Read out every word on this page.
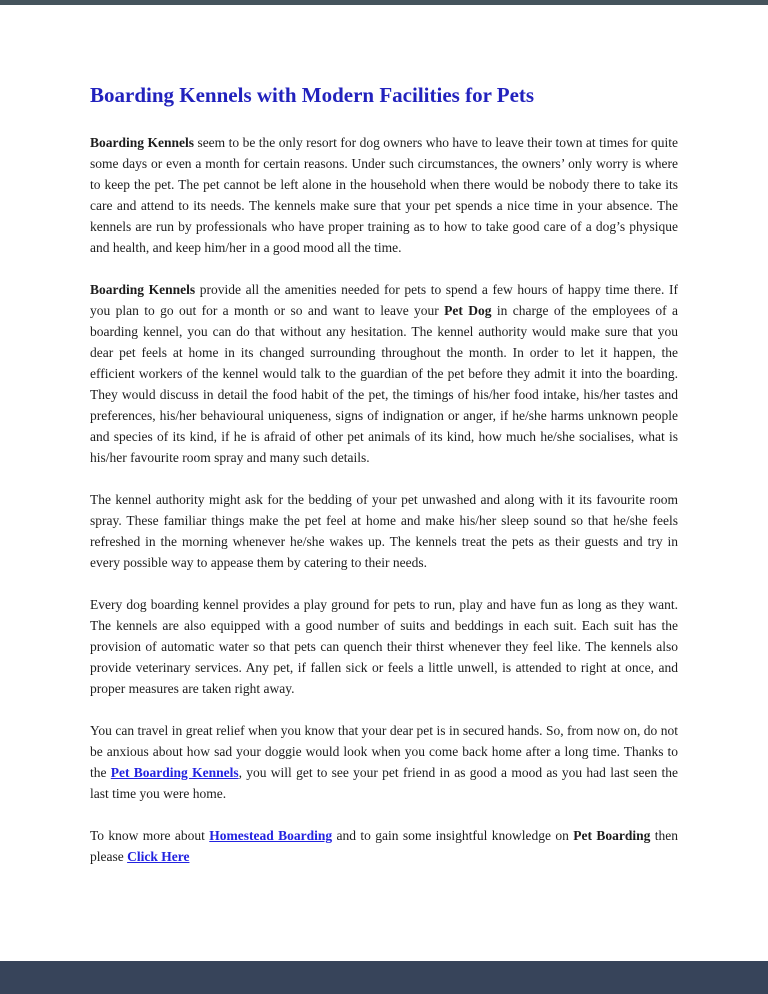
Boarding Kennels with Modern Facilities for Pets

Boarding Kennels seem to be the only resort for dog owners who have to leave their town at times for quite some days or even a month for certain reasons. Under such circumstances, the owners’ only worry is where to keep the pet. The pet cannot be left alone in the household when there would be nobody there to take its care and attend to its needs. The kennels make sure that your pet spends a nice time in your absence. The kennels are run by professionals who have proper training as to how to take good care of a dog’s physique and health, and keep him/her in a good mood all the time.

Boarding Kennels provide all the amenities needed for pets to spend a few hours of happy time there. If you plan to go out for a month or so and want to leave your Pet Dog in charge of the employees of a boarding kennel, you can do that without any hesitation. The kennel authority would make sure that you dear pet feels at home in its changed surrounding throughout the month. In order to let it happen, the efficient workers of the kennel would talk to the guardian of the pet before they admit it into the boarding. They would discuss in detail the food habit of the pet, the timings of his/her food intake, his/her tastes and preferences, his/her behavioural uniqueness, signs of indignation or anger, if he/she harms unknown people and species of its kind, if he is afraid of other pet animals of its kind, how much he/she socialises, what is his/her favourite room spray and many such details.

The kennel authority might ask for the bedding of your pet unwashed and along with it its favourite room spray. These familiar things make the pet feel at home and make his/her sleep sound so that he/she feels refreshed in the morning whenever he/she wakes up. The kennels treat the pets as their guests and try in every possible way to appease them by catering to their needs.

Every dog boarding kennel provides a play ground for pets to run, play and have fun as long as they want. The kennels are also equipped with a good number of suits and beddings in each suit. Each suit has the provision of automatic water so that pets can quench their thirst whenever they feel like. The kennels also provide veterinary services. Any pet, if fallen sick or feels a little unwell, is attended to right at once, and proper measures are taken right away.

You can travel in great relief when you know that your dear pet is in secured hands. So, from now on, do not be anxious about how sad your doggie would look when you come back home after a long time. Thanks to the Pet Boarding Kennels, you will get to see your pet friend in as good a mood as you had last seen the last time you were home.

To know more about Homestead Boarding and to gain some insightful knowledge on Pet Boarding then please Click Here
